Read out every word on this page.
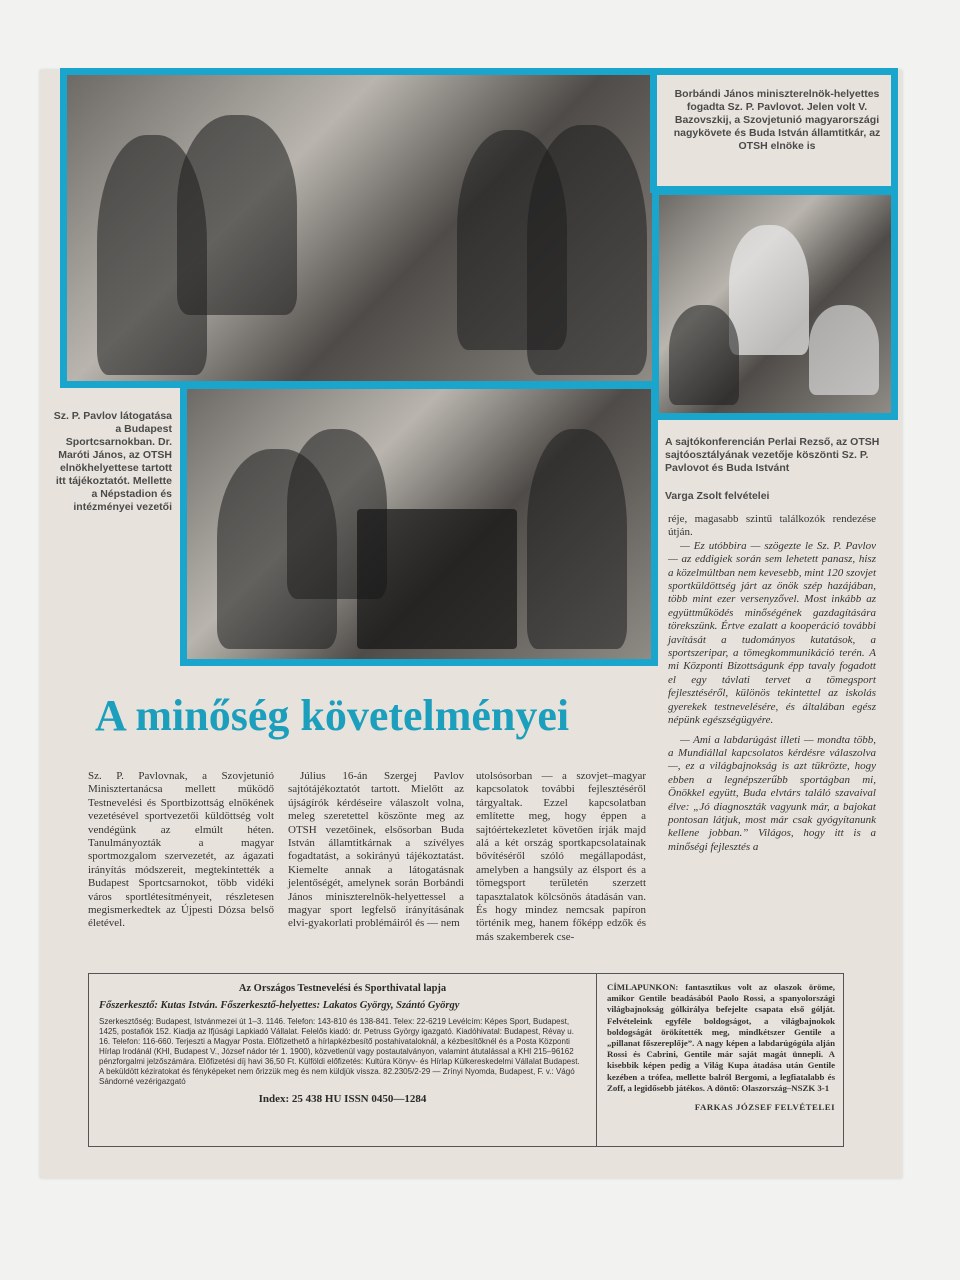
Borbándi János miniszterelnök-helyettes fogadta Sz. P. Pavlovot. Jelen volt V. Bazovszkij, a Szovjetunió magyarországi nagykövete és Buda István államtitkár, az OTSH elnöke is
Sz. P. Pavlov látogatása a Budapest Sportcsarnokban. Dr. Maróti János, az OTSH elnökhelyettese tartott itt tájékoztatót. Mellette a Népstadion és intézményei vezetői
A sajtókonferencián Perlai Rezső, az OTSH sajtóosztályának vezetője köszönti Sz. P. Pavlovot és Buda Istvánt
Varga Zsolt felvételei
A minőség követelményei

Sz. P. Pavlovnak, a Szovjetunió Minisztertanácsa mellett működő Testnevelési és Sportbizottság elnökének vezetésével sportvezetői küldöttség volt vendégünk az elmúlt héten. Tanulmányozták a magyar sportmozgalom szervezetét, az ágazati irányítás módszereit, megtekintették a Budapest Sportcsarnokot, több vidéki város sportlétesítményeit, részletesen megismerkedtek az Újpesti Dózsa belső életével.

Július 16-án Szergej Pavlov sajtótájékoztatót tartott. Mielőtt az újságírók kérdéseire válaszolt volna, meleg szeretettel köszönte meg az OTSH vezetőinek, elsősorban Buda István államtitkárnak a szívélyes fogadtatást, a sokirányú tájékoztatást. Kiemelte annak a látogatásnak jelentőségét, amelynek során Borbándi János miniszterelnök-helyettessel a magyar sport legfelső irányításának elvi-gyakorlati problémáiról és — nem

utolsósorban — a szovjet–magyar kapcsolatok további fejlesztéséről tárgyaltak. Ezzel kapcsolatban említette meg, hogy éppen a sajtóértekezletet követően írják majd alá a két ország sportkapcsolatainak bővítéséről szóló megállapodást, amelyben a hangsúly az élsport és a tömegsport területén szerzett tapasztalatok kölcsönös átadásán van. És hogy mindez nemcsak papíron történik meg, hanem főképp edzők és más szakemberek cse-

réje, magasabb szintű találkozók rendezése útján.

— Ez utóbbira — szögezte le Sz. P. Pavlov — az eddigiek során sem lehetett panasz, hisz a közelmúltban nem kevesebb, mint 120 szovjet sportküldöttség járt az önök szép hazájában, több mint ezer versenyzővel. Most inkább az együttműködés minőségének gazdagítására törekszünk. Értve ezalatt a kooperáció további javítását a tudományos kutatások, a sportszeripar, a tömegkommunikáció terén. A mi Központi Bizottságunk épp tavaly fogadott el egy távlati tervet a tömegsport fejlesztéséről, különös tekintettel az iskolás gyerekek testnevelésére, és általában egész népünk egészségügyére.

— Ami a labdarúgást illeti — mondta több, a Mundiállal kapcsolatos kérdésre válaszolva —, ez a világbajnokság is azt tükrözte, hogy ebben a legnépszerűbb sportágban mi, Önökkel együtt, Buda elvtárs találó szavaival élve: „Jó diagnoszták vagyunk már, a bajokat pontosan látjuk, most már csak gyógyítanunk kellene jobban.” Világos, hogy itt is a minőségi fejlesztés a

Az Országos Testnevelési és Sporthivatal lapja
Főszerkesztő: Kutas István. Főszerkesztő-helyettes: Lakatos György, Szántó György
Szerkesztőség: Budapest, Istvánmezei út 1–3. 1146. Telefon: 143-810 és 138-841. Telex: 22-6219 Levélcím: Képes Sport, Budapest, 1425, postafiók 152. Kiadja az Ifjúsági Lapkiadó Vállalat. Felelős kiadó: dr. Petruss György igazgató. Kiadóhivatal: Budapest, Révay u. 16. Telefon: 116-660. Terjeszti a Magyar Posta. Előfizethető a hírlapkézbesítő postahivataloknál, a kézbesítőknél és a Posta Központi Hírlap Irodánál (KHI, Budapest V., József nádor tér 1. 1900), közvetlenül vagy postautalványon, valamint átutalással a KHI 215–96162 pénzforgalmi jelzőszámára. Előfizetési díj havi 36,50 Ft. Külföldi előfizetés: Kultúra Könyv- és Hírlap Külkereskedelmi Vállalat Budapest. A beküldött kéziratokat és fényképeket nem őrizzük meg és nem küldjük vissza. 82.2305/2-29 — Zrínyi Nyomda, Budapest, F. v.: Vágó Sándorné vezérigazgató
Index: 25 438 HU ISSN 0450—1284
CÍMLAPUNKON: fantasztikus volt az olaszok öröme, amikor Gentile beadásából Paolo Rossi, a spanyolországi világbajnokság gólkirálya befejelte csapata első gólját. Felvételeink egyféle boldogságot, a világbajnokok boldogságát örökítették meg, mindkétszer Gentile a „pillanat főszereplője”. A nagy képen a labdarúgógúla alján Rossi és Cabrini, Gentile már saját magát ünnepli. A kisebbik képen pedig a Világ Kupa átadása után Gentile kezében a trófea, mellette balról Bergomi, a legfiatalabb és Zoff, a legidősebb játékos. A döntő: Olaszország–NSZK 3-1
FARKAS JÓZSEF FELVÉTELEI
